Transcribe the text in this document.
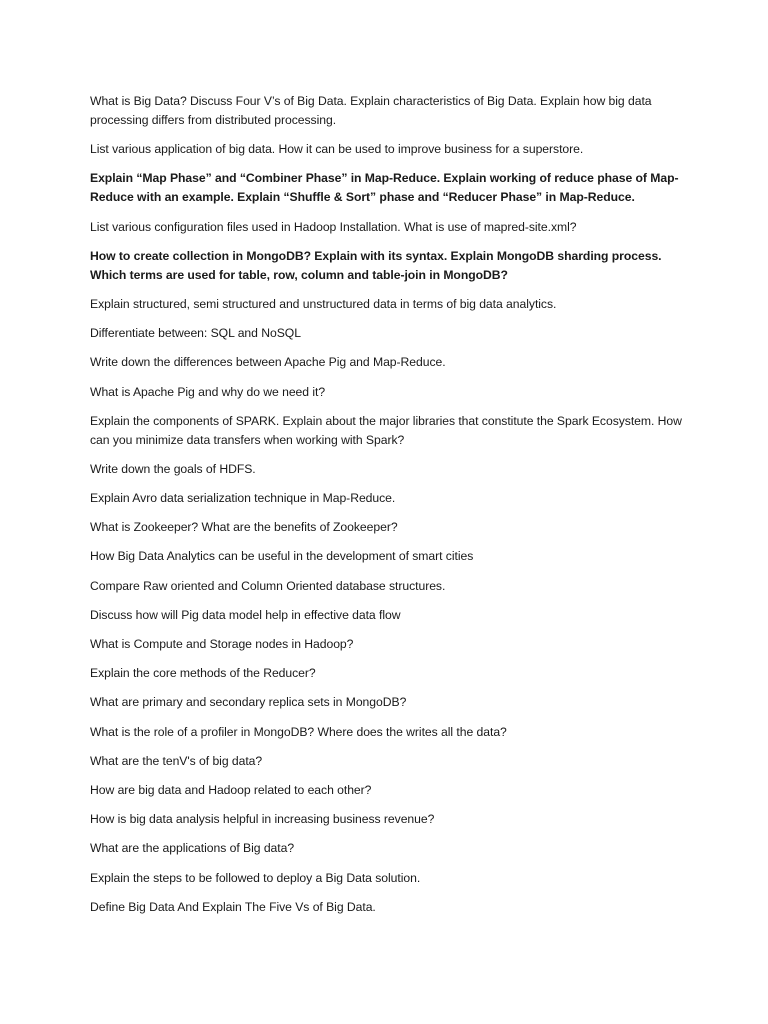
What is Big Data? Discuss Four V’s of Big Data. Explain characteristics of Big Data. Explain how big data processing differs from distributed processing.

List various application of big data. How it can be used to improve business for a superstore.

Explain “Map Phase” and “Combiner Phase” in Map-Reduce. Explain working of reduce phase of Map-Reduce with an example. Explain “Shuffle & Sort” phase and “Reducer Phase” in Map-Reduce.

List various configuration files used in Hadoop Installation. What is use of mapred-site.xml?

How to create collection in MongoDB? Explain with its syntax. Explain MongoDB sharding process. Which terms are used for table, row, column and table-join in MongoDB?

Explain structured, semi structured and unstructured data in terms of big data analytics.

Differentiate between: SQL and NoSQL

Write down the differences between Apache Pig and Map-Reduce.

What is Apache Pig and why do we need it?

Explain the components of SPARK. Explain about the major libraries that constitute the Spark Ecosystem. How can you minimize data transfers when working with Spark?

Write down the goals of HDFS.

Explain Avro data serialization technique in Map-Reduce.

What is Zookeeper? What are the benefits of Zookeeper?

How Big Data Analytics can be useful in the development of smart cities

Compare Raw oriented and Column Oriented database structures.

Discuss how will Pig data model help in effective data flow

What is Compute and Storage nodes in Hadoop?

Explain the core methods of the Reducer?

What are primary and secondary replica sets in MongoDB?

What is the role of a profiler in MongoDB? Where does the writes all the data?

What are the tenV's of big data?

How are big data and Hadoop related to each other?

How is big data analysis helpful in increasing business revenue?

What are the applications of Big data?

Explain the steps to be followed to deploy a Big Data solution.

Define Big Data And Explain The Five Vs of Big Data.
